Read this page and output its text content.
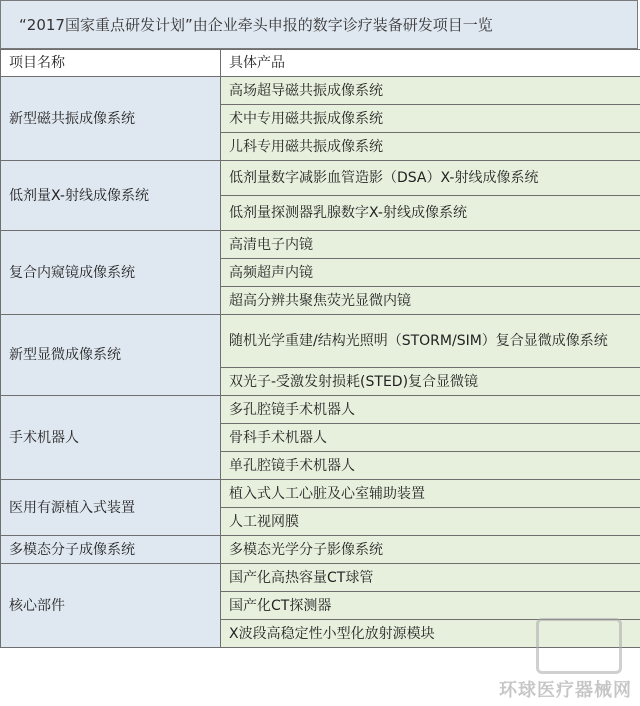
“2017国家重点研发计划”由企业牵头申报的数字诊疗装备研发项目一览
项目名称	具体产品
新型磁共振成像系统	高场超导磁共振成像系统
	术中专用磁共振成像系统
	儿科专用磁共振成像系统
低剂量X-射线成像系统	低剂量数字减影血管造影（DSA）X-射线成像系统
	低剂量探测器乳腺数字X-射线成像系统
复合内窥镜成像系统	高清电子内镜
	高频超声内镜
	超高分辨共聚焦荧光显微内镜
新型显微成像系统	随机光学重建/结构光照明（STORM/SIM）复合显微成像系统
	双光子-受激发射损耗(STED)复合显微镜
手术机器人	多孔腔镜手术机器人
	骨科手术机器人
	单孔腔镜手术机器人
医用有源植入式装置	植入式人工心脏及心室辅助装置
	人工视网膜
多模态分子成像系统	多模态光学分子影像系统
核心部件	国产化高热容量CT球管
	国产化CT探测器
	X波段高稳定性小型化放射源模块
环球医疗器械网
